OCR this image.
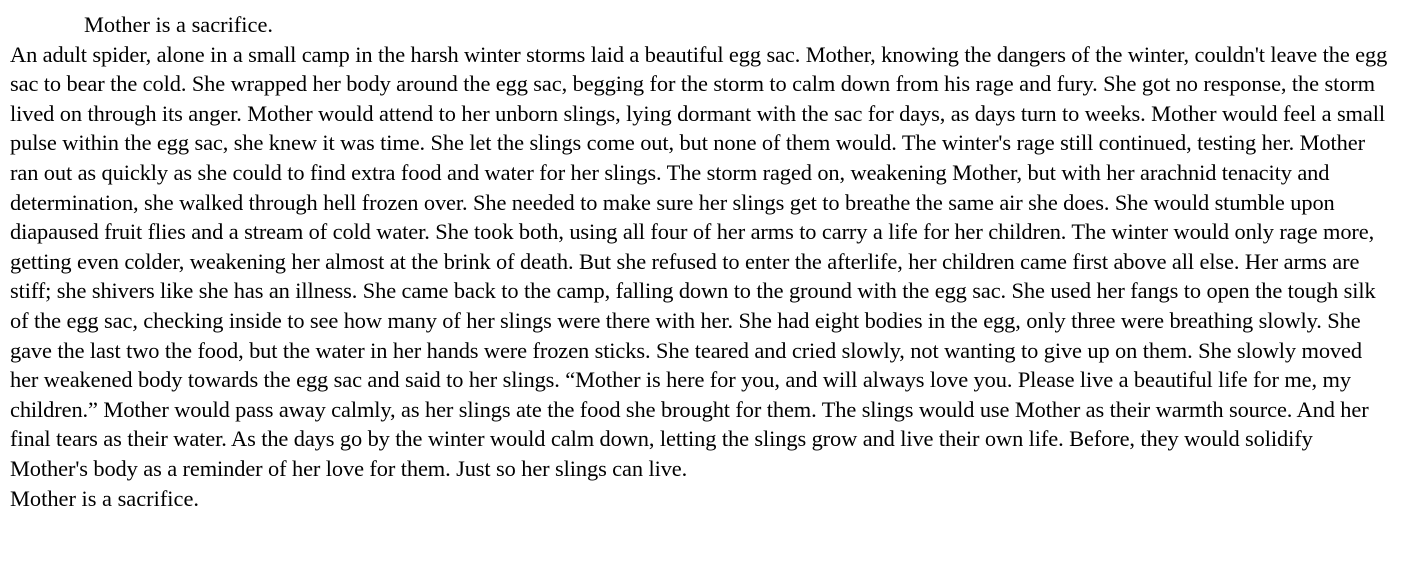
Mother is a sacrifice.

An adult spider, alone in a small camp in the harsh winter storms laid a beautiful egg sac. Mother, knowing the dangers of the winter, couldn't leave the egg sac to bear the cold. She wrapped her body around the egg sac, begging for the storm to calm down from his rage and fury. She got no response, the storm lived on through its anger. Mother would attend to her unborn slings, lying dormant with the sac for days, as days turn to weeks. Mother would feel a small pulse within the egg sac, she knew it was time. She let the slings come out, but none of them would. The winter's rage still continued, testing her. Mother ran out as quickly as she could to find extra food and water for her slings. The storm raged on, weakening Mother, but with her arachnid tenacity and determination, she walked through hell frozen over. She needed to make sure her slings get to breathe the same air she does. She would stumble upon diapaused fruit flies and a stream of cold water. She took both, using all four of her arms to carry a life for her children. The winter would only rage more, getting even colder, weakening her almost at the brink of death. But she refused to enter the afterlife, her children came first above all else. Her arms are stiff; she shivers like she has an illness. She came back to the camp, falling down to the ground with the egg sac. She used her fangs to open the tough silk of the egg sac, checking inside to see how many of her slings were there with her. She had eight bodies in the egg, only three were breathing slowly. She gave the last two the food, but the water in her hands were frozen sticks. She teared and cried slowly, not wanting to give up on them. She slowly moved her weakened body towards the egg sac and said to her slings. “Mother is here for you, and will always love you. Please live a beautiful life for me, my children.” Mother would pass away calmly, as her slings ate the food she brought for them. The slings would use Mother as their warmth source. And her final tears as their water. As the days go by the winter would calm down, letting the slings grow and live their own life. Before, they would solidify Mother's body as a reminder of her love for them. Just so her slings can live.

Mother is a sacrifice.
